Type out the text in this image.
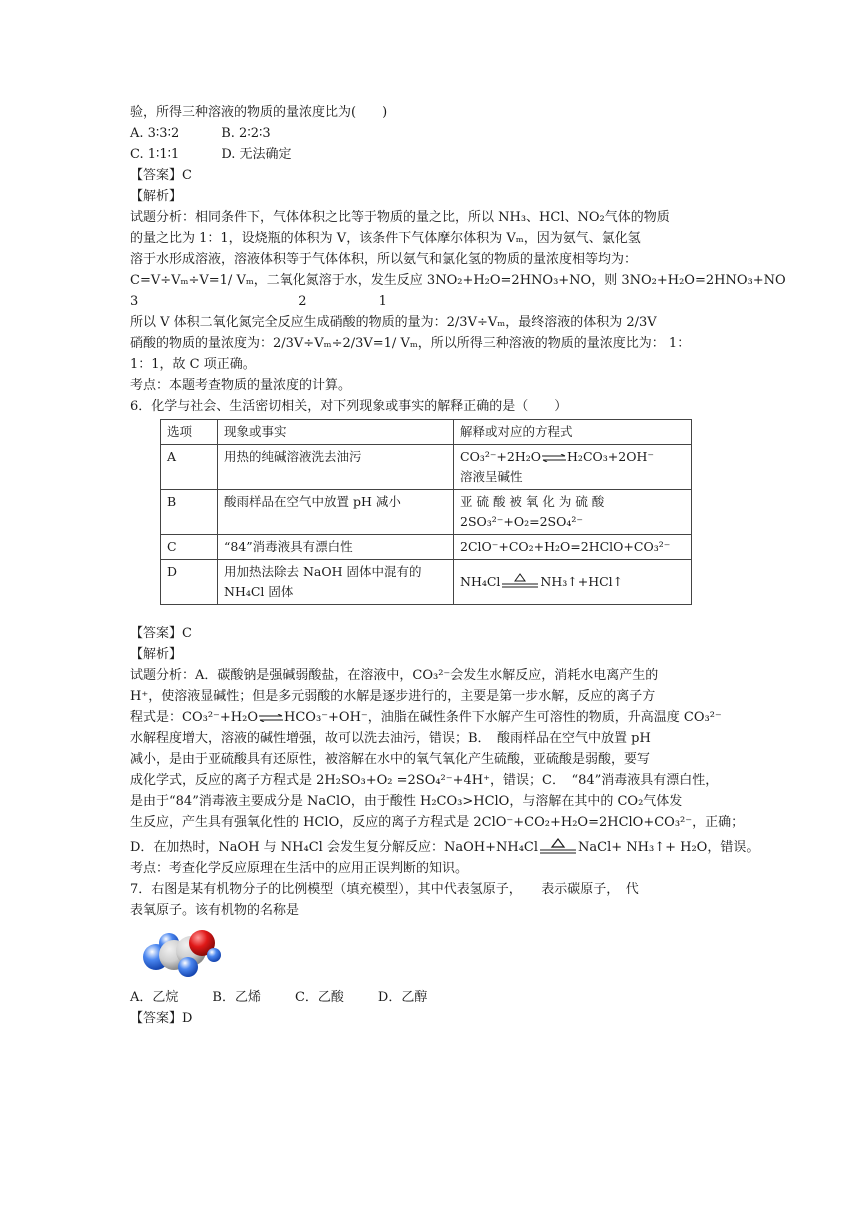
验，所得三种溶液的物质的量浓度比为(　　)
A. 3∶3∶2	B. 2∶2∶3
C. 1∶1∶1	D. 无法确定
【答案】C
【解析】
试题分析：相同条件下，气体体积之比等于物质的量之比，所以 NH₃、HCl、NO₂气体的物质
的量之比为 1：1，设烧瓶的体积为 V，该条件下气体摩尔体积为 Vₘ，因为氨气、氯化氢
溶于水形成溶液，溶液体积等于气体体积，所以氨气和氯化氢的物质的量浓度相等均为：
C=V÷Vₘ÷V=1/ Vₘ，二氧化氮溶于水，发生反应 3NO₂+H₂O=2HNO₃+NO，则 3NO₂+H₂O=2HNO₃+NO
3	2	1
所以 V 体积二氧化氮完全反应生成硝酸的物质的量为：2/3V÷Vₘ，最终溶液的体积为 2/3V
硝酸的物质的量浓度为：2/3V÷Vₘ÷2/3V=1/ Vₘ，所以所得三种溶液的物质的量浓度比为： 1：
1：1，故 C 项正确。
考点：本题考查物质的量浓度的计算。
6．化学与社会、生活密切相关，对下列现象或事实的解释正确的是（　　）
选项	现象或事实	解释或对应的方程式
A	用热的纯碱溶液洗去油污	CO₃²⁻+2H₂O⇌H₂CO₃+2OH⁻
溶液呈碱性

B	酸雨样品在空气中放置 pH 减小	亚 硫 酸 被 氧 化 为 硫 酸
2SO₃²⁻+O₂=2SO₄²⁻

C	“84”消毒液具有漂白性	2ClO⁻+CO₂+H₂O=2HClO+CO₃²⁻
D	用加热法除去 NaOH 固体中混有的
NH₄Cl 固体	NH₄Cl NH₃↑+HCl↑
【答案】C
【解析】
试题分析：A．碳酸钠是强碱弱酸盐，在溶液中，CO₃²⁻会发生水解反应，消耗水电离产生的
H⁺，使溶液显碱性；但是多元弱酸的水解是逐步进行的，主要是第一步水解，反应的离子方
程式是：CO₃²⁻+H₂O⇌HCO₃⁻+OH⁻，油脂在碱性条件下水解产生可溶性的物质，升高温度 CO₃²⁻
水解程度增大，溶液的碱性增强，故可以洗去油污，错误；B．　酸雨样品在空气中放置 pH
减小，是由于亚硫酸具有还原性，被溶解在水中的氧气氧化产生硫酸，亚硫酸是弱酸，要写
成化学式，反应的离子方程式是 2H₂SO₃+O₂ =2SO₄²⁻+4H⁺，错误；C．　“84”消毒液具有漂白性，
是由于“84”消毒液主要成分是 NaClO，由于酸性 H₂CO₃>HClO，与溶解在其中的 CO₂气体发
生反应，产生具有强氧化性的 HClO，反应的离子方程式是 2ClO⁻+CO₂+H₂O=2HClO+CO₃²⁻，正确；
D．在加热时，NaOH 与 NH₄Cl 会发生复分解反应：NaOH+NH₄Cl	NaCl+ NH₃↑+ H₂O，错误。
考点：考查化学反应原理在生活中的应用正误判断的知识。
7．右图是某有机物分子的比例模型（填充模型），其中代表氢原子，　　表示碳原子，　代
表氧原子。该有机物的名称是
A．乙烷	B．乙烯	C．乙酸	D．乙醇
【答案】D
